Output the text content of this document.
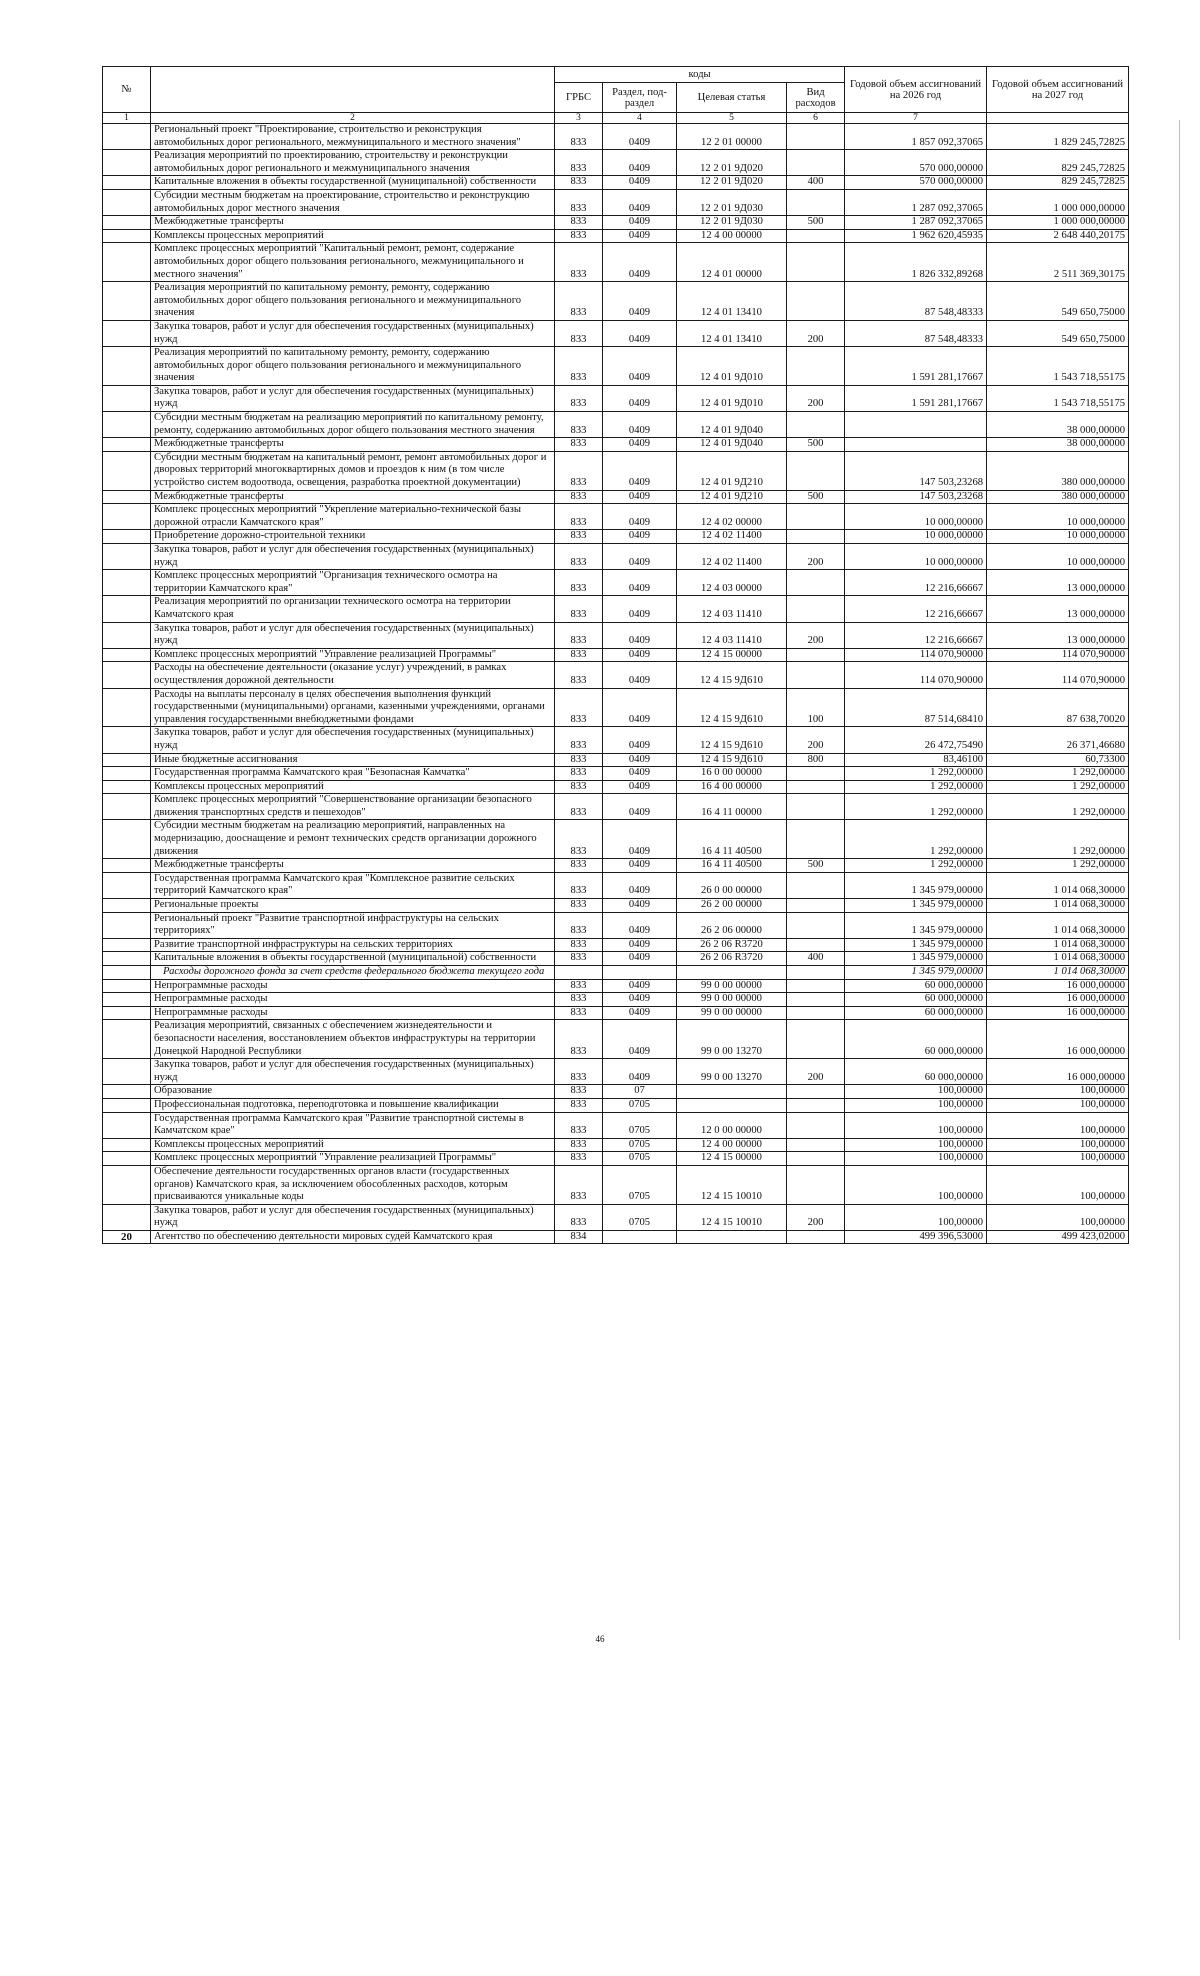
№		коды				Годовой объем ассигнований на 2026 год	Годовой объем ассигнований на 2027 год
		ГРБС	Раздел, под-раздел	Целевая статья	Вид расходов		
1	2	3	4	5	6	7	
	Региональный проект "Проектирование, строительство и реконструкция автомобильных дорог регионального, межмуниципального и местного значения"	833	0409	12 2 01 00000		1 857 092,37065	1 829 245,72825
	Реализация мероприятий по проектированию, строительству и реконструкции автомобильных дорог регионального и межмуниципального значения	833	0409	12 2 01 9Д020		570 000,00000	829 245,72825
	Капитальные вложения в объекты государственной (муниципальной) собственности	833	0409	12 2 01 9Д020	400	570 000,00000	829 245,72825
	Субсидии местным бюджетам на проектирование, строительство и реконструкцию автомобильных дорог местного значения	833	0409	12 2 01 9Д030		1 287 092,37065	1 000 000,00000
	Межбюджетные трансферты	833	0409	12 2 01 9Д030	500	1 287 092,37065	1 000 000,00000
	Комплексы процессных мероприятий	833	0409	12 4 00 00000		1 962 620,45935	2 648 440,20175
	Комплекс процессных мероприятий "Капитальный ремонт, ремонт, содержание автомобильных дорог общего пользования регионального, межмуниципального и местного значения"	833	0409	12 4 01 00000		1 826 332,89268	2 511 369,30175
	Реализация мероприятий по капитальному ремонту, ремонту, содержанию автомобильных дорог общего пользования регионального и межмуниципального значения	833	0409	12 4 01 13410		87 548,48333	549 650,75000
	Закупка товаров, работ и услуг для обеспечения государственных (муниципальных) нужд	833	0409	12 4 01 13410	200	87 548,48333	549 650,75000
	Реализация мероприятий по капитальному ремонту, ремонту, содержанию автомобильных дорог общего пользования регионального и межмуниципального значения	833	0409	12 4 01 9Д010		1 591 281,17667	1 543 718,55175
	Закупка товаров, работ и услуг для обеспечения государственных (муниципальных) нужд	833	0409	12 4 01 9Д010	200	1 591 281,17667	1 543 718,55175
	Субсидии местным бюджетам на реализацию мероприятий по капитальному ремонту, ремонту, содержанию автомобильных дорог общего пользования местного значения	833	0409	12 4 01 9Д040			38 000,00000
	Межбюджетные трансферты	833	0409	12 4 01 9Д040	500		38 000,00000
	Субсидии местным бюджетам на капитальный ремонт, ремонт автомобильных дорог и дворовых территорий многоквартирных домов и проездов к ним (в том числе устройство систем водоотвода, освещения, разработка проектной документации)	833	0409	12 4 01 9Д210		147 503,23268	380 000,00000
	Межбюджетные трансферты	833	0409	12 4 01 9Д210	500	147 503,23268	380 000,00000
	Комплекс процессных мероприятий "Укрепление материально-технической базы дорожной отрасли Камчатского края"	833	0409	12 4 02 00000		10 000,00000	10 000,00000
	Приобретение дорожно-строительной техники	833	0409	12 4 02 11400		10 000,00000	10 000,00000
	Закупка товаров, работ и услуг для обеспечения государственных (муниципальных) нужд	833	0409	12 4 02 11400	200	10 000,00000	10 000,00000
	Комплекс процессных мероприятий "Организация технического осмотра на территории Камчатского края"	833	0409	12 4 03 00000		12 216,66667	13 000,00000
	Реализация мероприятий по организации технического осмотра на территории Камчатского края	833	0409	12 4 03 11410		12 216,66667	13 000,00000
	Закупка товаров, работ и услуг для обеспечения государственных (муниципальных) нужд	833	0409	12 4 03 11410	200	12 216,66667	13 000,00000
	Комплекс процессных мероприятий "Управление реализацией Программы"	833	0409	12 4 15 00000		114 070,90000	114 070,90000
	Расходы на обеспечение деятельности (оказание услуг) учреждений, в рамках осуществления дорожной деятельности	833	0409	12 4 15 9Д610		114 070,90000	114 070,90000
	Расходы на выплаты персоналу в целях обеспечения выполнения функций государственными (муниципальными) органами, казенными учреждениями, органами управления государственными внебюджетными фондами	833	0409	12 4 15 9Д610	100	87 514,68410	87 638,70020
	Закупка товаров, работ и услуг для обеспечения государственных (муниципальных) нужд	833	0409	12 4 15 9Д610	200	26 472,75490	26 371,46680
	Иные бюджетные ассигнования	833	0409	12 4 15 9Д610	800	83,46100	60,73300
	Государственная программа Камчатского края "Безопасная Камчатка"	833	0409	16 0 00 00000		1 292,00000	1 292,00000
	Комплексы процессных мероприятий	833	0409	16 4 00 00000		1 292,00000	1 292,00000
	Комплекс процессных мероприятий "Совершенствование организации безопасного движения транспортных средств и пешеходов"	833	0409	16 4 11 00000		1 292,00000	1 292,00000
	Субсидии местным бюджетам на реализацию мероприятий, направленных на модернизацию, дооснащение и ремонт технических средств организации дорожного движения	833	0409	16 4 11 40500		1 292,00000	1 292,00000
	Межбюджетные трансферты	833	0409	16 4 11 40500	500	1 292,00000	1 292,00000
	Государственная программа Камчатского края "Комплексное развитие сельских территорий Камчатского края"	833	0409	26 0 00 00000		1 345 979,00000	1 014 068,30000
	Региональные проекты	833	0409	26 2 00 00000		1 345 979,00000	1 014 068,30000
	Региональный проект "Развитие транспортной инфраструктуры на сельских территориях"	833	0409	26 2 06 00000		1 345 979,00000	1 014 068,30000
	Развитие транспортной инфраструктуры на сельских территориях	833	0409	26 2 06 R3720		1 345 979,00000	1 014 068,30000
	Капитальные вложения в объекты государственной (муниципальной) собственности	833	0409	26 2 06 R3720	400	1 345 979,00000	1 014 068,30000
	Расходы дорожного фонда за счет средств федерального бюджета текущего года					1 345 979,00000	1 014 068,30000
	Непрограммные расходы	833	0409	99 0 00 00000		60 000,00000	16 000,00000
	Непрограммные расходы	833	0409	99 0 00 00000		60 000,00000	16 000,00000
	Непрограммные расходы	833	0409	99 0 00 00000		60 000,00000	16 000,00000
	Реализация мероприятий, связанных с обеспечением жизнедеятельности и безопасности населения, восстановлением объектов инфраструктуры на территории Донецкой Народной Республики	833	0409	99 0 00 13270		60 000,00000	16 000,00000
	Закупка товаров, работ и услуг для обеспечения государственных (муниципальных) нужд	833	0409	99 0 00 13270	200	60 000,00000	16 000,00000
	Образование	833	07			100,00000	100,00000
	Профессиональная подготовка, переподготовка и повышение квалификации	833	0705			100,00000	100,00000
	Государственная программа Камчатского края "Развитие транспортной системы в Камчатском крае"	833	0705	12 0 00 00000		100,00000	100,00000
	Комплексы процессных мероприятий	833	0705	12 4 00 00000		100,00000	100,00000
	Комплекс процессных мероприятий "Управление реализацией Программы"	833	0705	12 4 15 00000		100,00000	100,00000
	Обеспечение деятельности государственных органов власти (государственных органов) Камчатского края, за исключением обособленных расходов, которым присваиваются уникальные коды	833	0705	12 4 15 10010		100,00000	100,00000
	Закупка товаров, работ и услуг для обеспечения государственных (муниципальных) нужд	833	0705	12 4 15 10010	200	100,00000	100,00000
20	Агентство по обеспечению деятельности мировых судей Камчатского края	834				499 396,53000	499 423,02000
46
